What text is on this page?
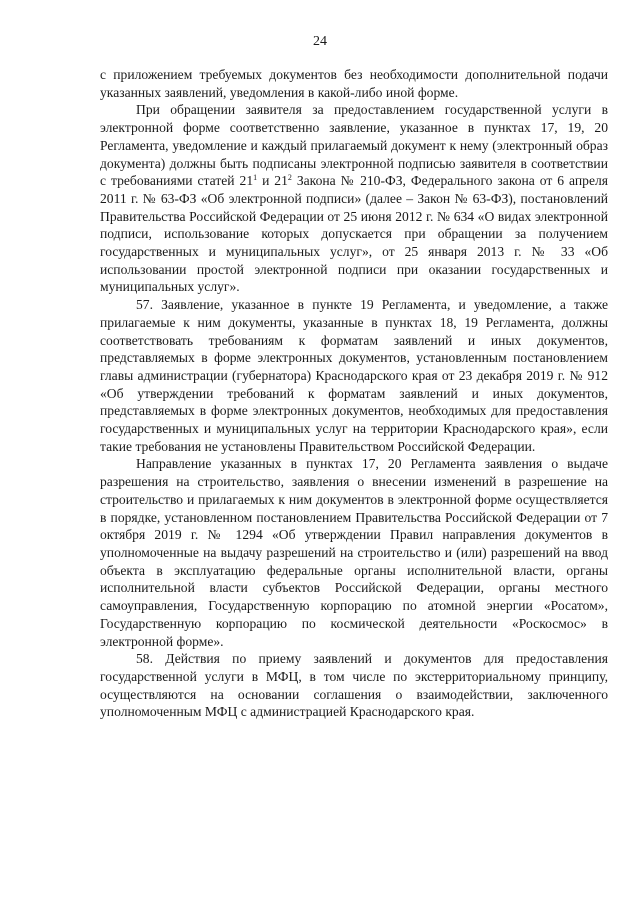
24

с приложением требуемых документов без необходимости дополнительной подачи указанных заявлений, уведомления в какой-либо иной форме.

При обращении заявителя за предоставлением государственной услуги в электронной форме соответственно заявление, указанное в пунктах 17, 19, 20 Регламента, уведомление и каждый прилагаемый документ к нему (электронный образ документа) должны быть подписаны электронной подписью заявителя в соответствии с требованиями статей $21^1$ и $21^2$ Закона № 210-ФЗ, Федерального закона от 6 апреля 2011 г. № 63-ФЗ «Об электронной подписи» (далее – Закон № 63-ФЗ), постановлений Правительства Российской Федерации от 25 июня 2012 г. № 634 «О видах электронной подписи, использование которых допускается при обращении за получением государственных и муниципальных услуг», от 25 января 2013 г. № 33 «Об использовании простой электронной подписи при оказании государственных и муниципальных услуг».

57. Заявление, указанное в пункте 19 Регламента, и уведомление, а также прилагаемые к ним документы, указанные в пунктах 18, 19 Регламента, должны соответствовать требованиям к форматам заявлений и иных документов, представляемых в форме электронных документов, установленным постановлением главы администрации (губернатора) Краснодарского края от 23 декабря 2019 г. № 912 «Об утверждении требований к форматам заявлений и иных документов, представляемых в форме электронных документов, необходимых для предоставления государственных и муниципальных услуг на территории Краснодарского края», если такие требования не установлены Правительством Российской Федерации.

Направление указанных в пунктах 17, 20 Регламента заявления о выдаче разрешения на строительство, заявления о внесении изменений в разрешение на строительство и прилагаемых к ним документов в электронной форме осуществляется в порядке, установленном постановлением Правительства Российской Федерации от 7 октября 2019 г. № 1294 «Об утверждении Правил направления документов в уполномоченные на выдачу разрешений на строительство и (или) разрешений на ввод объекта в эксплуатацию федеральные органы исполнительной власти, органы исполнительной власти субъектов Российской Федерации, органы местного самоуправления, Государственную корпорацию по атомной энергии «Росатом», Государственную корпорацию по космической деятельности «Роскосмос» в электронной форме».

58. Действия по приему заявлений и документов для предоставления государственной услуги в МФЦ, в том числе по экстерриториальному принципу, осуществляются на основании соглашения о взаимодействии, заключенного уполномоченным МФЦ с администрацией Краснодарского края.
